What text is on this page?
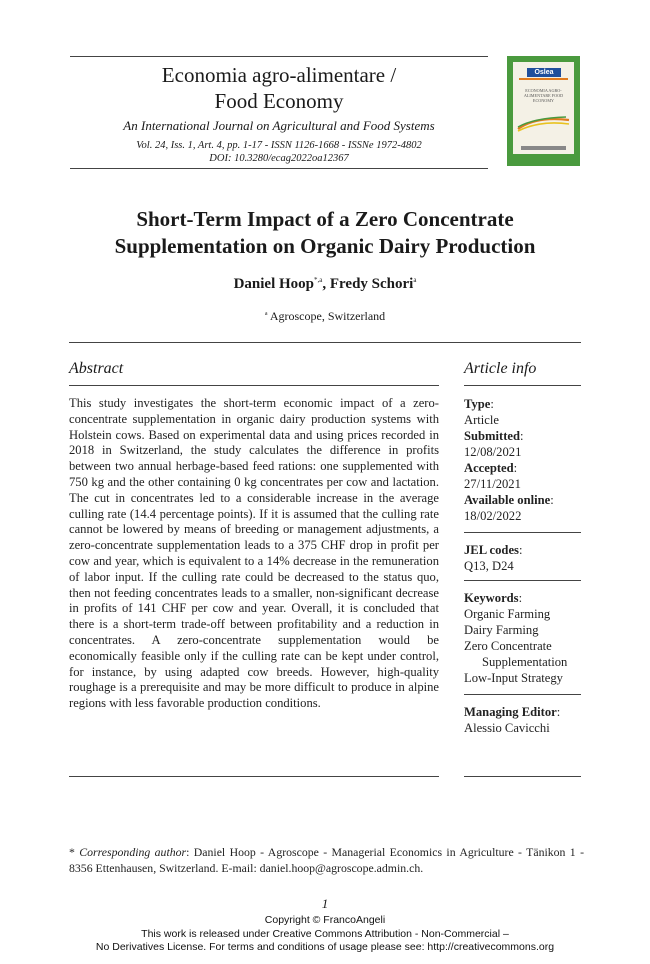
Economia agro-alimentare /
Food Economy
An International Journal on Agricultural and Food Systems
Vol. 24, Iss. 1, Art. 4, pp. 1-17 - ISSN 1126-1668 - ISSNe 1972-4802
DOI: 10.3280/ecag2022oa12367
Oslea
ECONOMIA AGRO-ALIMENTARE FOOD ECONOMY
Short-Term Impact of a Zero Concentrate
Supplementation on Organic Dairy Production
Daniel Hoop$^{*,a}$, Fredy Schori$^a$
$^a$ Agroscope, Switzerland
Abstract
This study investigates the short-term economic impact of a zero-concentrate supplementation in organic dairy production systems with Holstein cows. Based on experimental data and using prices recorded in 2018 in Switzerland, the study calculates the difference in profits between two annual herbage-based feed rations: one supplemented with 750 kg and the other containing 0 kg concentrates per cow and lactation. The cut in concentrates led to a considerable increase in the average culling rate (14.4 percentage points). If it is assumed that the culling rate cannot be lowered by means of breeding or management adjustments, a zero-concentrate supplementation leads to a 375 CHF drop in profit per cow and year, which is equivalent to a 14% decrease in the remuneration of labor input. If the culling rate could be decreased to the status quo, then not feeding concentrates leads to a smaller, non-significant decrease in profits of 141 CHF per cow and year. Overall, it is concluded that there is a short-term trade-off between profitability and a reduction in concentrates. A zero-concentrate supplementation would be economically feasible only if the culling rate can be kept under control, for instance, by using adapted cow breeds. However, high-quality roughage is a prerequisite and may be more difficult to produce in alpine regions with less favorable production conditions.
Article info
Type:
Article
Submitted:
12/08/2021
Accepted:
27/11/2021
Available online:
18/02/2022
JEL codes:
Q13, D24
Keywords:
Organic Farming
Dairy Farming
Zero Concentrate
Supplementation
Low-Input Strategy
Managing Editor:
Alessio Cavicchi
* Corresponding author: Daniel Hoop - Agroscope - Managerial Economics in Agriculture - Tänikon 1 - 8356 Ettenhausen, Switzerland. E-mail: daniel.hoop@agroscope.admin.ch.
1
Copyright © FrancoAngeli
This work is released under Creative Commons Attribution - Non-Commercial –
No Derivatives License. For terms and conditions of usage please see: http://creativecommons.org
